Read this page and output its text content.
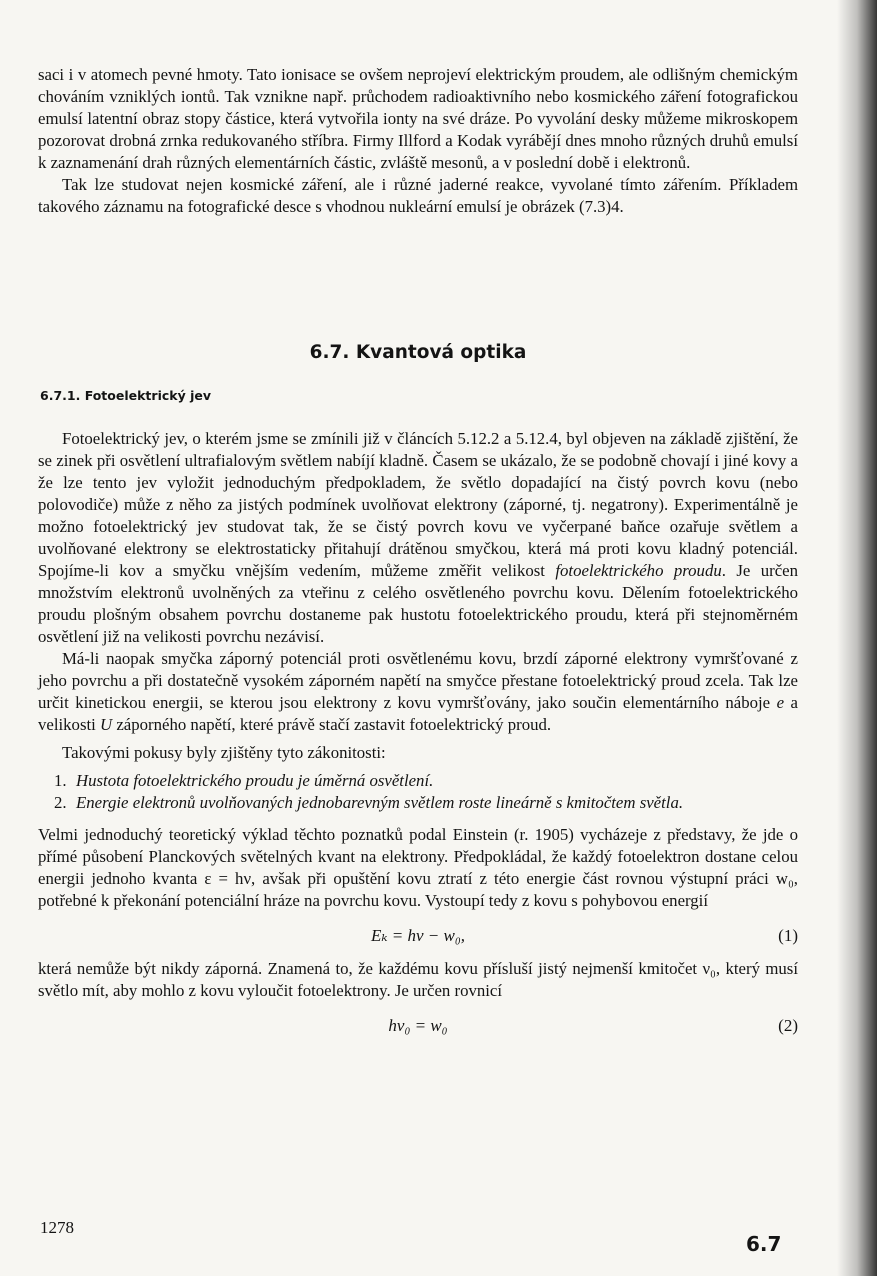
saci i v atomech pevné hmoty. Tato ionisace se ovšem neprojeví elektrickým proudem, ale odlišným chemickým chováním vzniklých iontů. Tak vznikne např. průchodem radioaktivního nebo kosmického záření fotografickou emulsí latentní obraz stopy částice, která vytvořila ionty na své dráze. Po vyvolání desky můžeme mikroskopem pozorovat drobná zrnka redukovaného stříbra. Firmy Illford a Kodak vyrábějí dnes mnoho různých druhů emulsí k zaznamenání drah různých elementárních částic, zvláště mesonů, a v poslední době i elektronů.

Tak lze studovat nejen kosmické záření, ale i různé jaderné reakce, vyvolané tímto zářením. Příkladem takového záznamu na fotografické desce s vhodnou nukleární emulsí je obrázek (7.3)4.

6.7. Kvantová optika
6.7.1. Fotoelektrický jev

Fotoelektrický jev, o kterém jsme se zmínili již v článcích 5.12.2 a 5.12.4, byl objeven na základě zjištění, že se zinek při osvětlení ultrafialovým světlem nabíjí kladně. Časem se ukázalo, že se podobně chovají i jiné kovy a že lze tento jev vyložit jednoduchým předpokladem, že světlo dopadající na čistý povrch kovu (nebo polovodiče) může z něho za jistých podmínek uvolňovat elektrony (záporné, tj. negatrony). Experimentálně je možno fotoelektrický jev studovat tak, že se čistý povrch kovu ve vyčerpané baňce ozařuje světlem a uvolňované elektrony se elektrostaticky přitahují drátěnou smyčkou, která má proti kovu kladný potenciál. Spojíme-li kov a smyčku vnějším vedením, můžeme změřit velikost fotoelektrického proudu. Je určen množstvím elektronů uvolněných za vteřinu z celého osvětleného povrchu kovu. Dělením fotoelektrického proudu plošným obsahem povrchu dostaneme pak hustotu fotoelektrického proudu, která při stejnoměrném osvětlení již na velikosti povrchu nezávisí.

Má-li naopak smyčka záporný potenciál proti osvětlenému kovu, brzdí záporné elektrony vymršťované z jeho povrchu a při dostatečně vysokém záporném napětí na smyčce přestane fotoelektrický proud zcela. Tak lze určit kinetickou energii, se kterou jsou elektrony z kovu vymršťovány, jako součin elementárního náboje e a velikosti U záporného napětí, které právě stačí zastavit fotoelektrický proud.

Takovými pokusy byly zjištěny tyto zákonitosti:

1. Hustota fotoelektrického proudu je úměrná osvětlení.

2. Energie elektronů uvolňovaných jednobarevným světlem roste lineárně s kmitočtem světla.

Velmi jednoduchý teoretický výklad těchto poznatků podal Einstein (r. 1905) vycházeje z představy, že jde o přímé působení Planckových světelných kvant na elektrony. Předpokládal, že každý fotoelektron dostane celou energii jednoho kvanta ε = hν, avšak při opuštění kovu ztratí z této energie část rovnou výstupní práci w₀, potřebné k překonání potenciální hráze na povrchu kovu. Vystoupí tedy z kovu s pohybovou energií

Eₖ = hν − w₀,	(1)

která nemůže být nikdy záporná. Znamená to, že každému kovu přísluší jistý nejmenší kmitočet ν₀, který musí světlo mít, aby mohlo z kovu vyloučit fotoelektrony. Je určen rovnicí

hν₀ = w₀	(2)
1278
6.7
